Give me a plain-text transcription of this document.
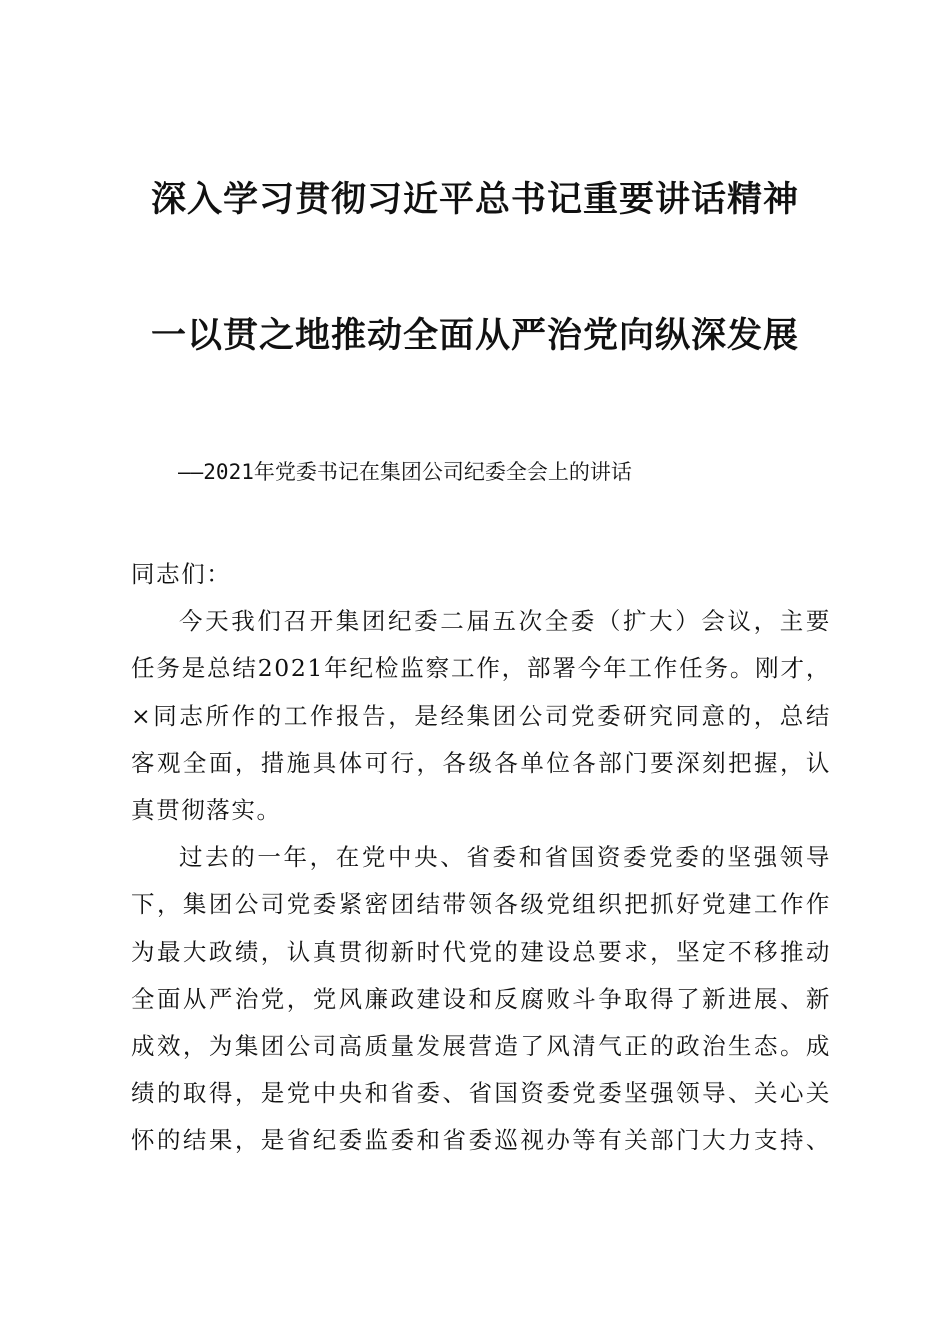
深入学习贯彻习近平总书记重要讲话精神
一以贯之地推动全面从严治党向纵深发展
——2021年党委书记在集团公司纪委全会上的讲话
同志们：
今天我们召开集团纪委二届五次全委（扩大）会议，主要
任务是总结2021年纪检监察工作，部署今年工作任务。刚才，
×同志所作的工作报告，是经集团公司党委研究同意的，总结
客观全面，措施具体可行，各级各单位各部门要深刻把握，认
真贯彻落实。
过去的一年，在党中央、省委和省国资委党委的坚强领导
下，集团公司党委紧密团结带领各级党组织把抓好党建工作作
为最大政绩，认真贯彻新时代党的建设总要求，坚定不移推动
全面从严治党，党风廉政建设和反腐败斗争取得了新进展、新
成效，为集团公司高质量发展营造了风清气正的政治生态。成
绩的取得，是党中央和省委、省国资委党委坚强领导、关心关
怀的结果，是省纪委监委和省委巡视办等有关部门大力支持、
